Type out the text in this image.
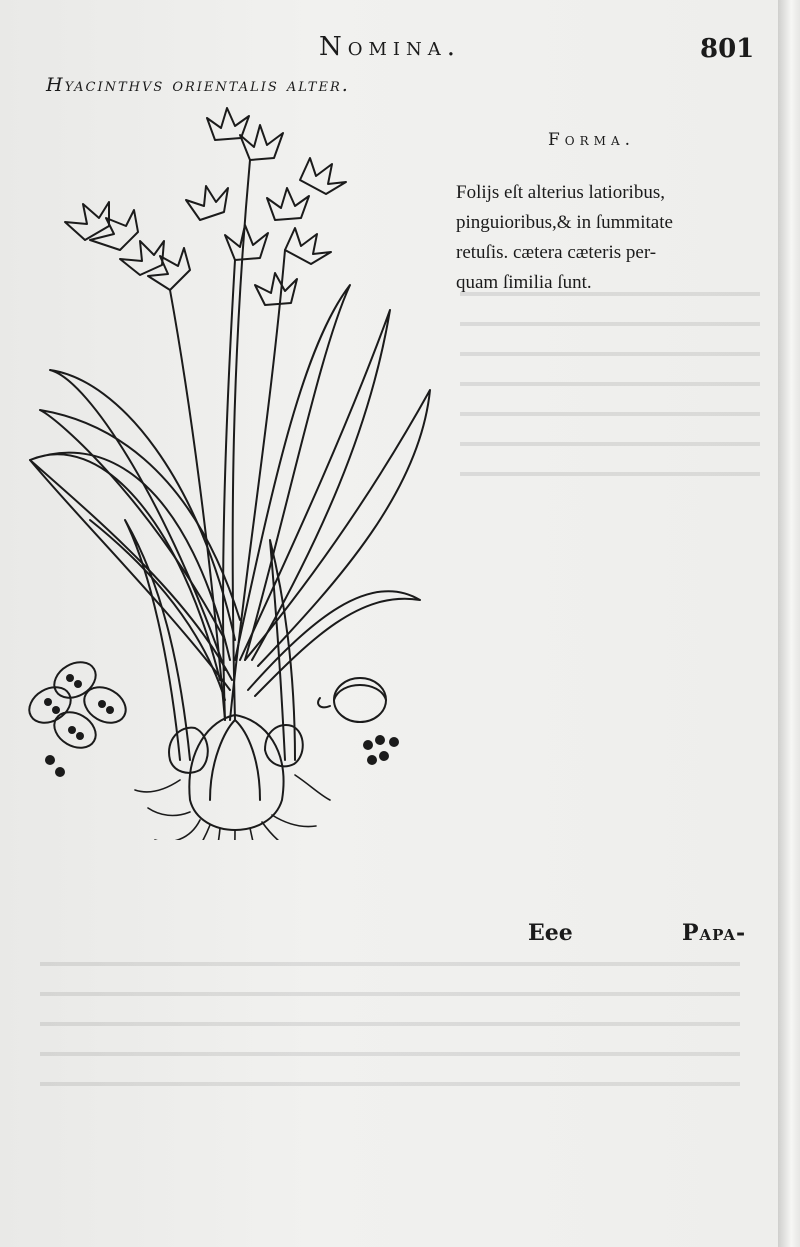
Nomina.	801
Hyacinthvs orientalis alter.
Forma.
Folijs eſt alterius latioribus,
pinguioribus,& in ſummitate
retuſis. cætera cæteris per-
quam ſimilia ſunt.
Eee	Papa-
